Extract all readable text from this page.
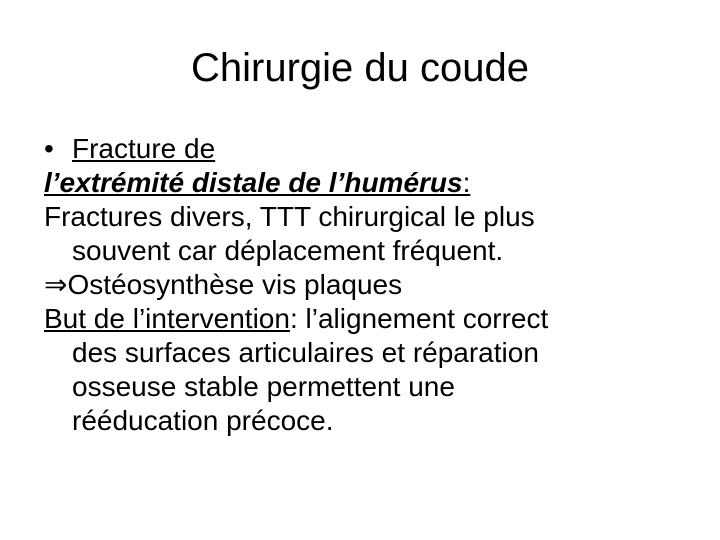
Chirurgie du coude
• Fracture de
l’extrémité distale de l’humérus:
Fractures divers, TTT chirurgical le plus
souvent car déplacement fréquent.
⇒Ostéosynthèse vis plaques
But de l’intervention: l’alignement correct
des surfaces articulaires et réparation
osseuse stable permettent une
rééducation précoce.
